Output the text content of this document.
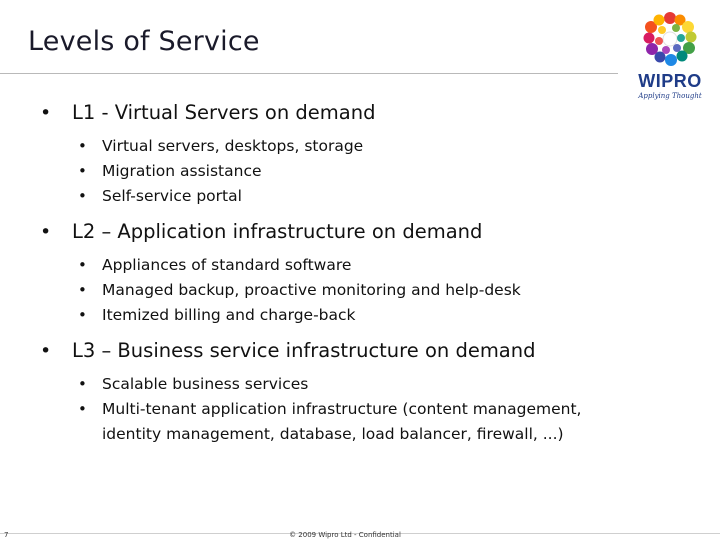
Levels of Service
WIPRO
Applying Thought
• L1 - Virtual Servers on demand
• Virtual servers, desktops, storage
• Migration assistance
• Self-service portal
• L2 – Application infrastructure on demand
• Appliances of standard software
• Managed backup, proactive monitoring and help-desk
• Itemized billing and charge-back
• L3 – Business service infrastructure on demand
• Scalable business services
• Multi-tenant application infrastructure (content management, identity management, database, load balancer, firewall, ...)
7	© 2009 Wipro Ltd - Confidential
